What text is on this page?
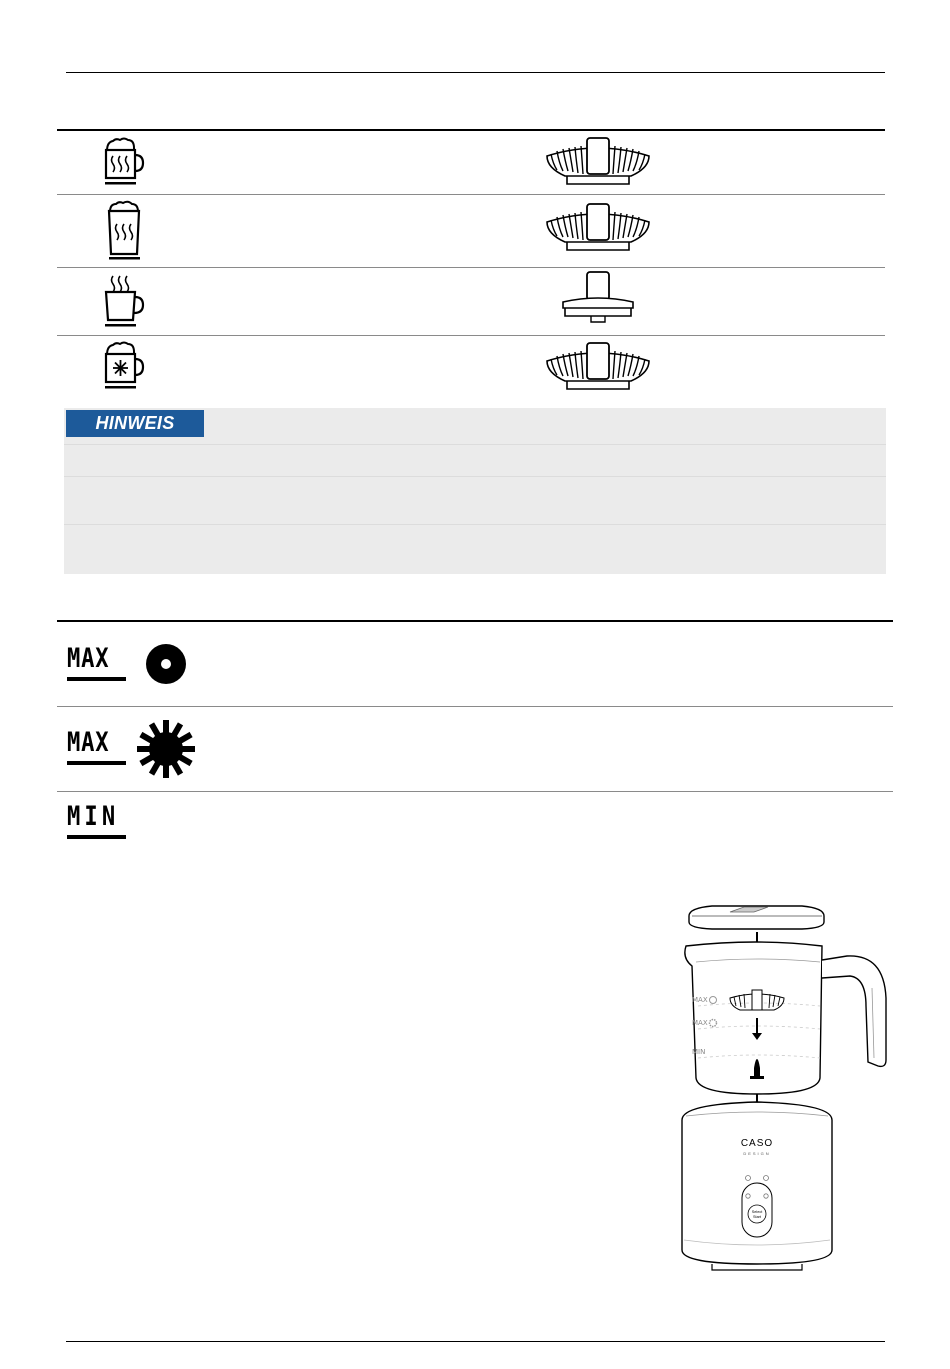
HINWEIS
MAX
MAX
MIN
MAX
MAX
MIN
CASO
DESIGN
Select
Start
